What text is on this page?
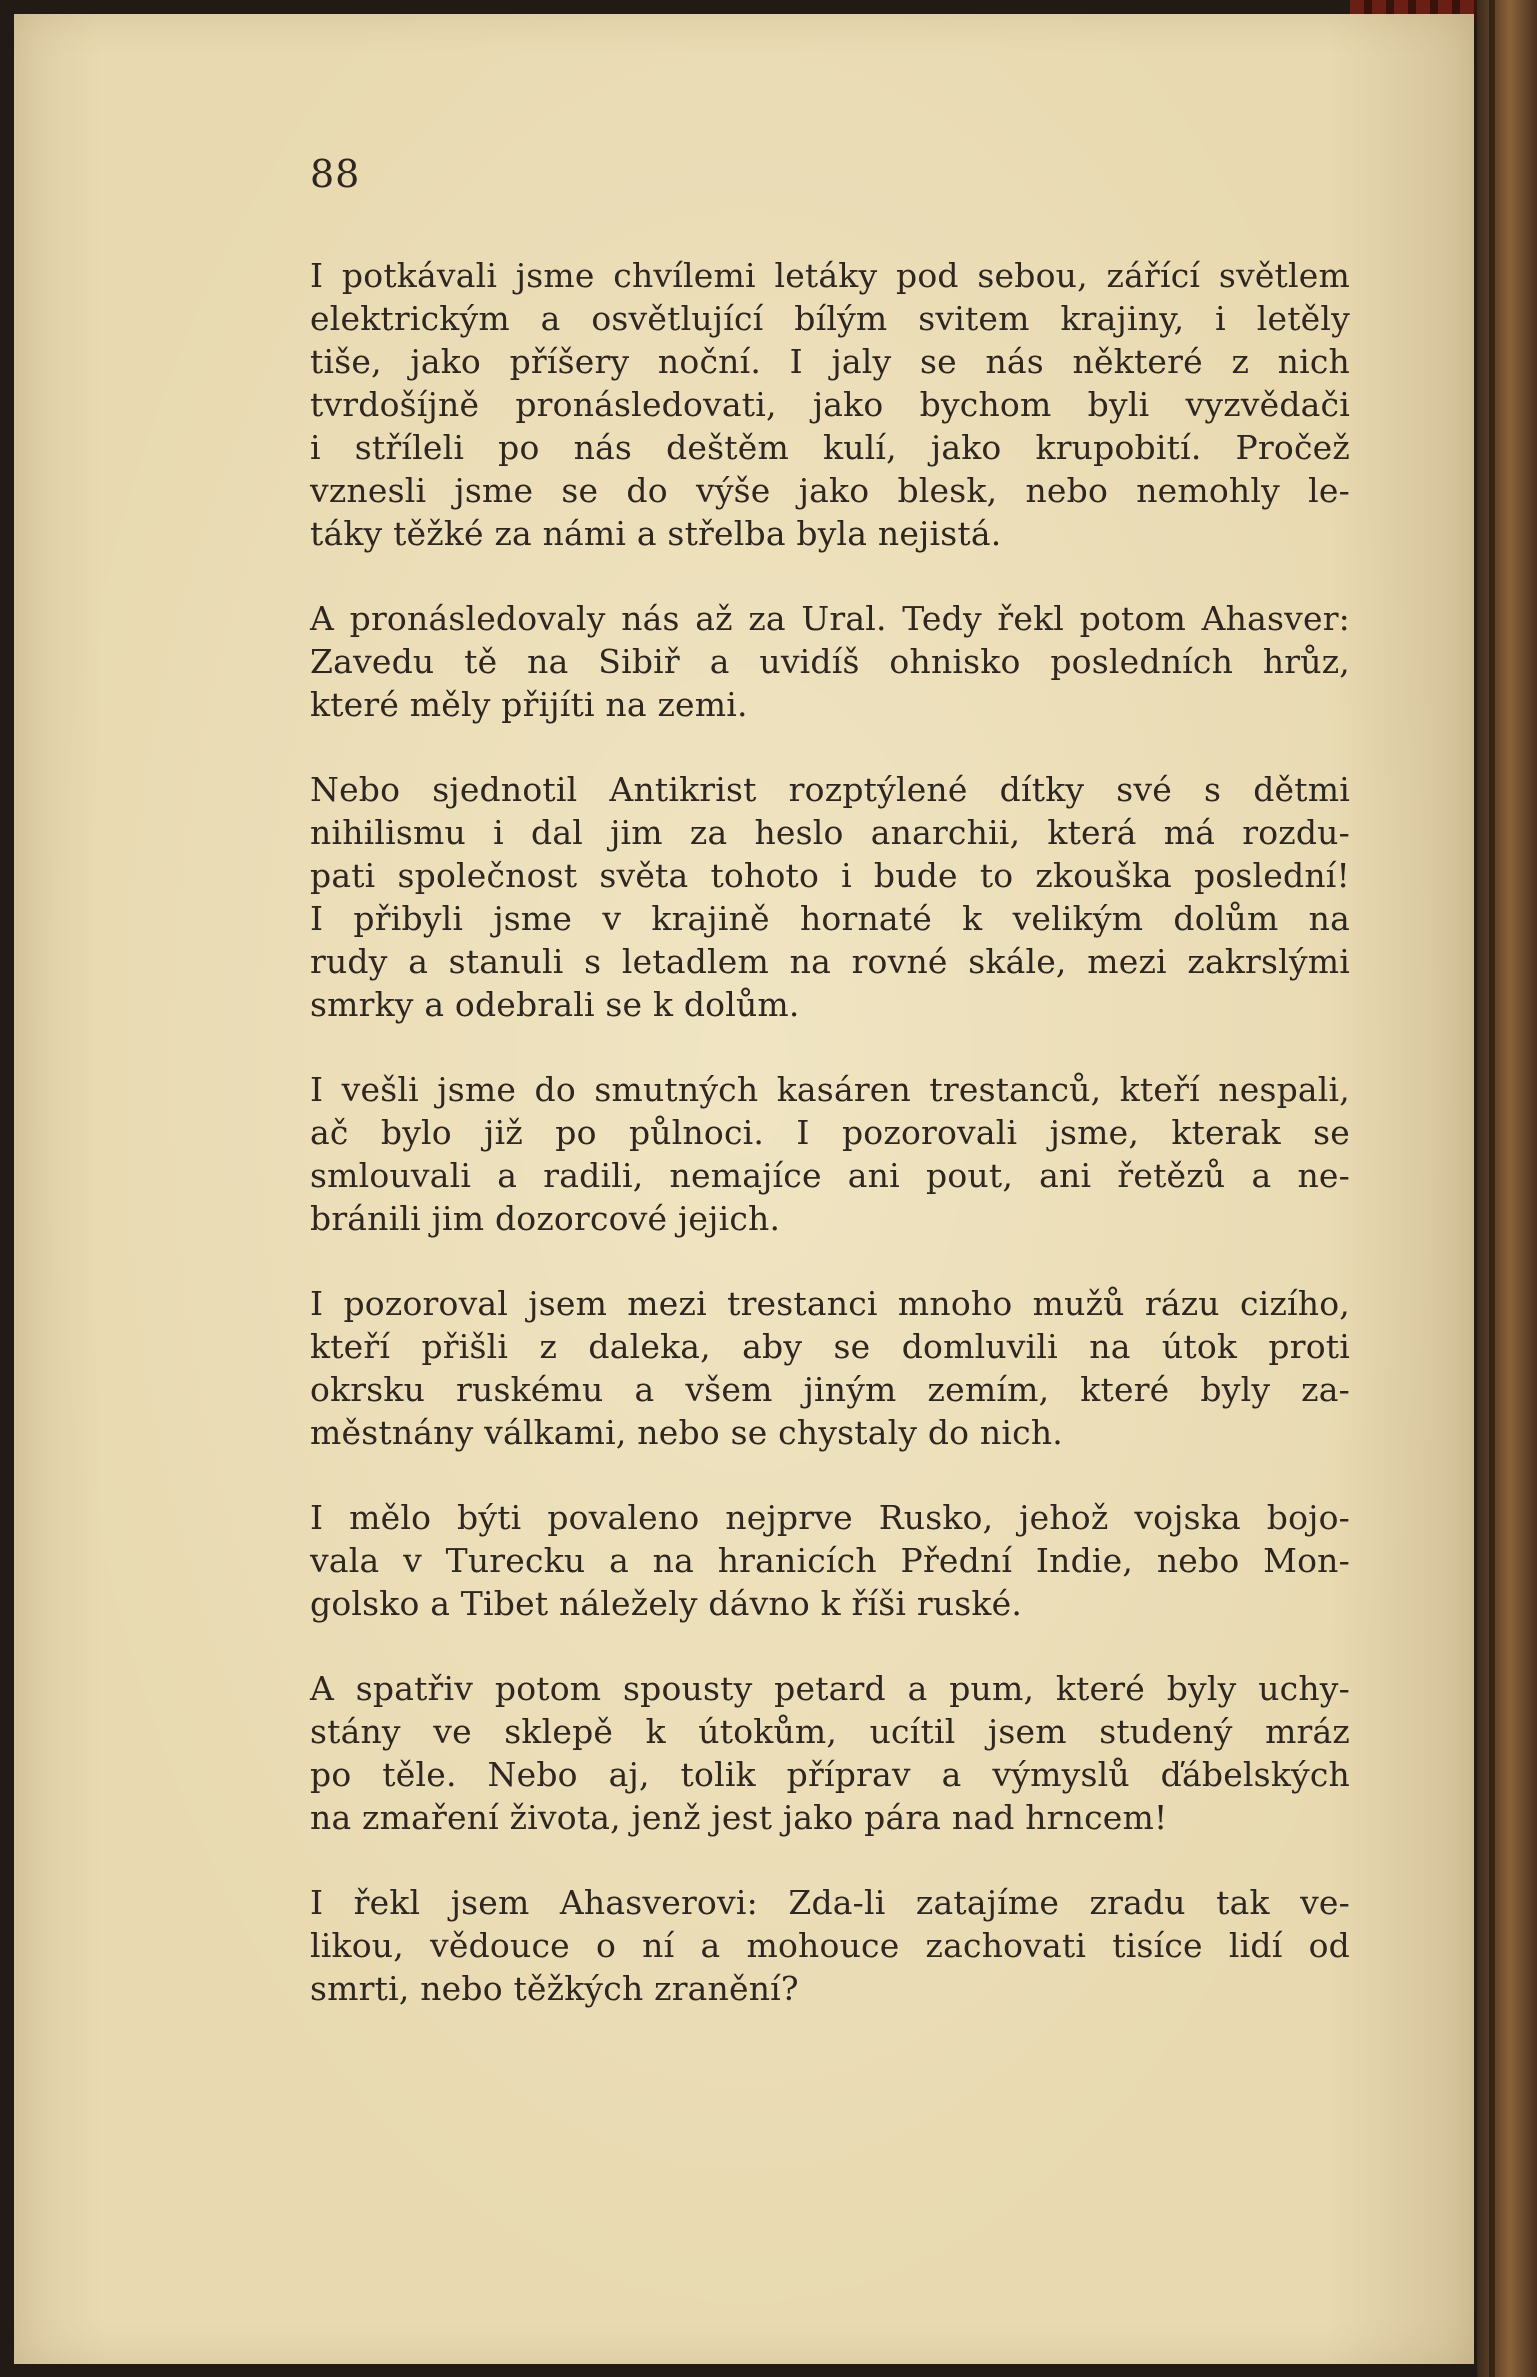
88
I potkávali jsme chvílemi letáky pod sebou, zářící světlem
elektrickým a osvětlující bílým svitem krajiny, i letěly
tiše, jako příšery noční. I jaly se nás některé z nich
tvrdošíjně pronásledovati, jako bychom byli vyzvědači
i stříleli po nás deštěm kulí, jako krupobití. Pročež
vznesli jsme se do výše jako blesk, nebo nemohly le-
táky těžké za námi a střelba byla nejistá.
A pronásledovaly nás až za Ural. Tedy řekl potom Ahasver:
Zavedu tě na Sibiř a uvidíš ohnisko posledních hrůz,
které měly přijíti na zemi.
Nebo sjednotil Antikrist rozptýlené dítky své s dětmi
nihilismu i dal jim za heslo anarchii, která má rozdu-
pati společnost světa tohoto i bude to zkouška poslední!
I přibyli jsme v krajině hornaté k velikým dolům na
rudy a stanuli s letadlem na rovné skále, mezi zakrslými
smrky a odebrali se k dolům.
I vešli jsme do smutných kasáren trestanců, kteří nespali,
ač bylo již po půlnoci. I pozorovali jsme, kterak se
smlouvali a radili, nemajíce ani pout, ani řetězů a ne-
bránili jim dozorcové jejich.
I pozoroval jsem mezi trestanci mnoho mužů rázu cizího,
kteří přišli z daleka, aby se domluvili na útok proti
okrsku ruskému a všem jiným zemím, které byly za-
městnány válkami, nebo se chystaly do nich.
I mělo býti povaleno nejprve Rusko, jehož vojska bojo-
vala v Turecku a na hranicích Přední Indie, nebo Mon-
golsko a Tibet náležely dávno k říši ruské.
A spatřiv potom spousty petard a pum, které byly uchy-
stány ve sklepě k útokům, ucítil jsem studený mráz
po těle. Nebo aj, tolik příprav a výmyslů ďábelských
na zmaření života, jenž jest jako pára nad hrncem!
I řekl jsem Ahasverovi: Zda-li zatajíme zradu tak ve-
likou, vědouce o ní a mohouce zachovati tisíce lidí od
smrti, nebo těžkých zranění?
